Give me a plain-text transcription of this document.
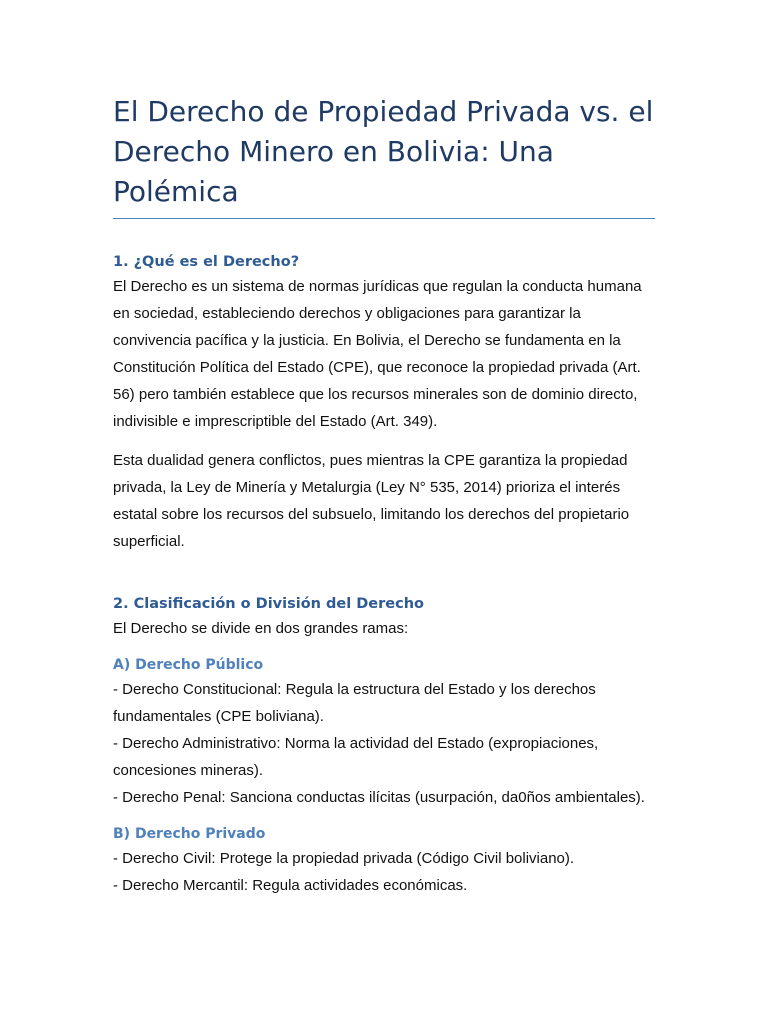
El Derecho de Propiedad Privada vs. el Derecho Minero en Bolivia: Una Polémica
1. ¿Qué es el Derecho?

El Derecho es un sistema de normas jurídicas que regulan la conducta humana en sociedad, estableciendo derechos y obligaciones para garantizar la convivencia pacífica y la justicia. En Bolivia, el Derecho se fundamenta en la Constitución Política del Estado (CPE), que reconoce la propiedad privada (Art. 56) pero también establece que los recursos minerales son de dominio directo, indivisible e imprescriptible del Estado (Art. 349).

Esta dualidad genera conflictos, pues mientras la CPE garantiza la propiedad privada, la Ley de Minería y Metalurgia (Ley N° 535, 2014) prioriza el interés estatal sobre los recursos del subsuelo, limitando los derechos del propietario superficial.

2. Clasificación o División del Derecho

El Derecho se divide en dos grandes ramas:

A) Derecho Público
- Derecho Constitucional: Regula la estructura del Estado y los derechos fundamentales (CPE boliviana).
- Derecho Administrativo: Norma la actividad del Estado (expropiaciones, concesiones mineras).
- Derecho Penal: Sanciona conductas ilícitas (usurpación, da0ños ambientales).
B) Derecho Privado
- Derecho Civil: Protege la propiedad privada (Código Civil boliviano).
- Derecho Mercantil: Regula actividades económicas.
